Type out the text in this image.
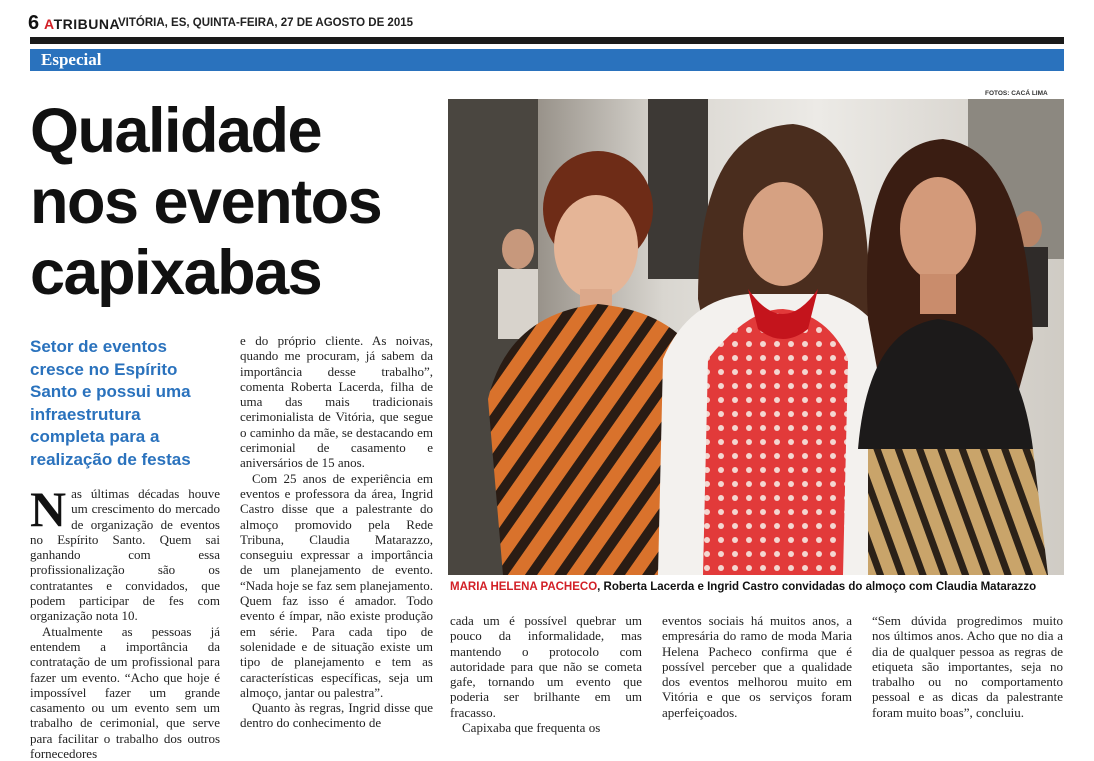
6 ATRIBUNA
VITÓRIA, ES, QUINTA-FEIRA, 27 DE AGOSTO DE 2015
Especial
Qualidade nos eventos capixabas
Setor de eventos cresce no Espírito Santo e possui uma infraestrutura completa para a realização de festas

Nas últimas décadas houve um crescimento do mercado de organização de eventos no Espírito Santo. Quem sai ganhando com essa profissionalização são os contratantes e convidados, que podem participar de fes com organização nota 10.

Atualmente as pessoas já entendem a importância da contratação de um profissional para fazer um evento. “Acho que hoje é impossível fazer um grande casamento ou um evento sem um trabalho de cerimonial, que serve para facilitar o trabalho dos outros fornecedores

e do próprio cliente. As noivas, quando me procuram, já sabem da importância desse trabalho”, comenta Roberta Lacerda, filha de uma das mais tradicionais cerimonialista de Vitória, que segue o caminho da mãe, se destacando em cerimonial de casamento e aniversários de 15 anos.

Com 25 anos de experiência em eventos e professora da área, Ingrid Castro disse que a palestrante do almoço promovido pela Rede Tribuna, Claudia Matarazzo, conseguiu expressar a importância de um planejamento de evento. “Nada hoje se faz sem planejamento. Quem faz isso é amador. Todo evento é ímpar, não existe produção em série. Para cada tipo de solenidade e de situação existe um tipo de planejamento e tem as características específicas, seja um almoço, jantar ou palestra”.

Quanto às regras, Ingrid disse que dentro do conhecimento de

cada um é possível quebrar um pouco da informalidade, mas mantendo o protocolo com autoridade para que não se cometa gafe, tornando um evento que poderia ser brilhante em um fracasso.

Capixaba que frequenta os

eventos sociais há muitos anos, a empresária do ramo de moda Maria Helena Pacheco confirma que é possível perceber que a qualidade dos eventos melhorou muito em Vitória e que os serviços foram aperfeiçoados.

“Sem dúvida progredimos muito nos últimos anos. Acho que no dia a dia de qualquer pessoa as regras de etiqueta são importantes, seja no trabalho ou no comportamento pessoal e as dicas da palestrante foram muito boas”, concluiu.

FOTOS: CACÁ LIMA
MARIA HELENA PACHECO, Roberta Lacerda e Ingrid Castro convidadas do almoço com Claudia Matarazzo
